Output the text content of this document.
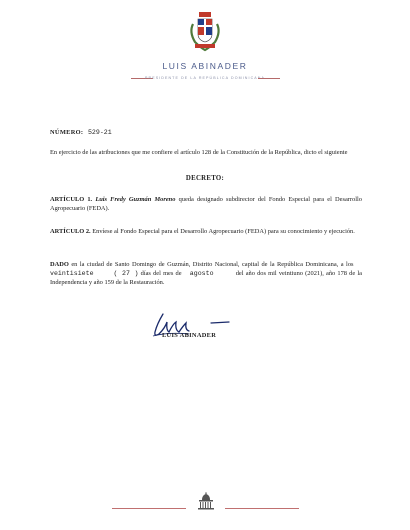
LUIS ABINADER
PRESIDENTE DE LA REPÚBLICA DOMINICANA
NÚMERO: 529-21
En ejercicio de las atribuciones que me confiere el artículo 128 de la Constitución de la República, dicto el siguiente
DECRETO:
ARTÍCULO 1. Luis Fredy Guzmán Moreno queda designado subdirector del Fondo Especial para el Desarrollo Agropecuario (FEDA).
ARTÍCULO 2. Envíese al Fondo Especial para el Desarrollo Agropecuario (FEDA) para su conocimiento y ejecución.
DADO en la ciudad de Santo Domingo de Guzmán, Distrito Nacional, capital de la República Dominicana, a los veintisiete	( 27 ) días del mes de agosto	del año dos mil veintiuno (2021), año 178 de la Independencia y año 159 de la Restauración.
LUIS ABINADER
